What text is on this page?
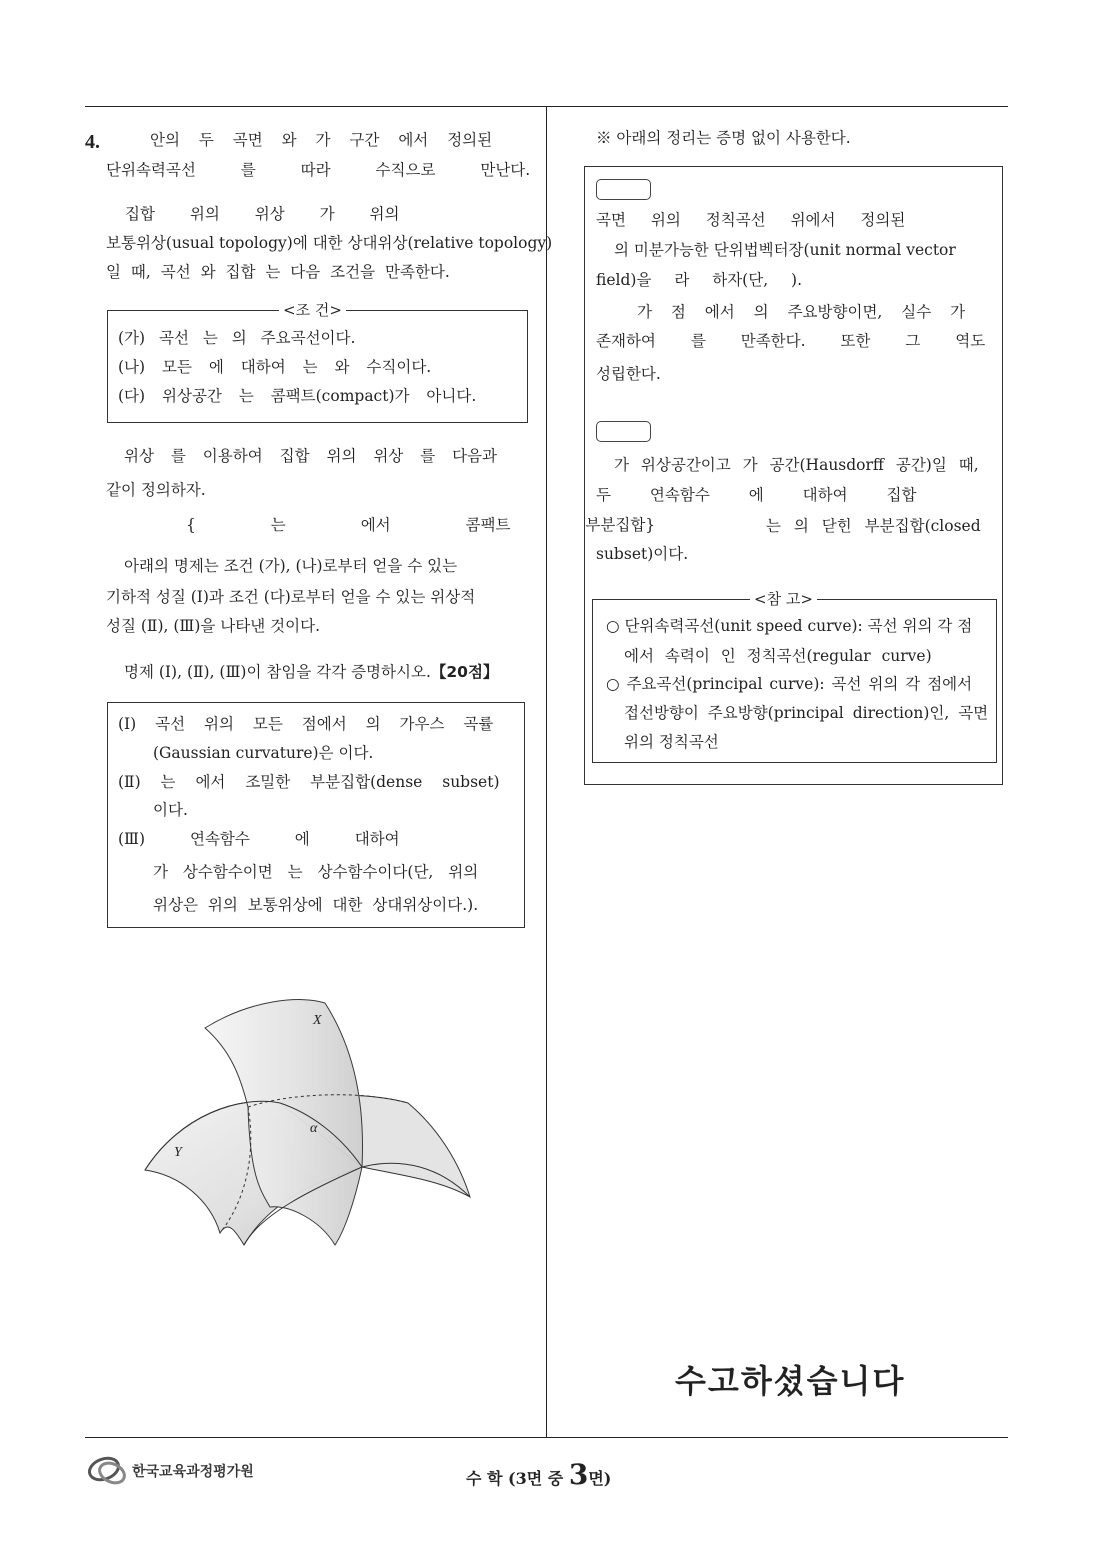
4.	안의 두 곡면 와 가 구간 에서 정의된
단위속력곡선 를 따라 수직으로 만난다.
집합 위의 위상 가 위의
보통위상(usual topology)에 대한 상대위상(relative topology)
일 때, 곡선 와 집합 는 다음 조건을 만족한다.
<조 건>
(가) 곡선 는 의 주요곡선이다.
(나) 모든 에 대하여 는 와 수직이다.
(다) 위상공간 는 콤팩트(compact)가 아니다.
위상 를 이용하여 집합 위의 위상 를 다음과
같이 정의하자.
{ 는 에서 콤팩트 부분집합}
아래의 명제는 조건 (가), (나)로부터 얻을 수 있는
기하적 성질 (Ⅰ)과 조건 (다)로부터 얻을 수 있는 위상적
성질 (Ⅱ), (Ⅲ)을 나타낸 것이다.
명제 (Ⅰ), (Ⅱ), (Ⅲ)이 참임을 각각 증명하시오.【20점】
(Ⅰ) 곡선 위의 모든 점에서 의 가우스 곡률
(Gaussian curvature)은 이다.
(Ⅱ) 는 에서 조밀한 부분집합(dense subset)
이다.
(Ⅲ) 연속함수 에 대하여
가 상수함수이면 는 상수함수이다(단, 위의
위상은 위의 보통위상에 대한 상대위상이다.).
X
Y
α
※ 아래의 정리는 증명 없이 사용한다.
곡면 위의 정칙곡선 위에서 정의된
의 미분가능한 단위법벡터장(unit normal vector
field)을 라 하자(단, ).
가 점 에서 의 주요방향이면, 실수 가
존재하여 를 만족한다. 또한 그 역도
성립한다.
가 위상공간이고 가 공간(Hausdorff 공간)일 때,
두 연속함수 에 대하여 집합
는 의 닫힌 부분집합(closed
subset)이다.
<참 고>
○ 단위속력곡선(unit speed curve): 곡선 위의 각 점
에서 속력이 인 정칙곡선(regular curve)
○ 주요곡선(principal curve): 곡선 위의 각 점에서
접선방향이 주요방향(principal direction)인, 곡면
위의 정칙곡선
수고하셨습니다
한국교육과정평가원	수 학 (3면 중 3면)
